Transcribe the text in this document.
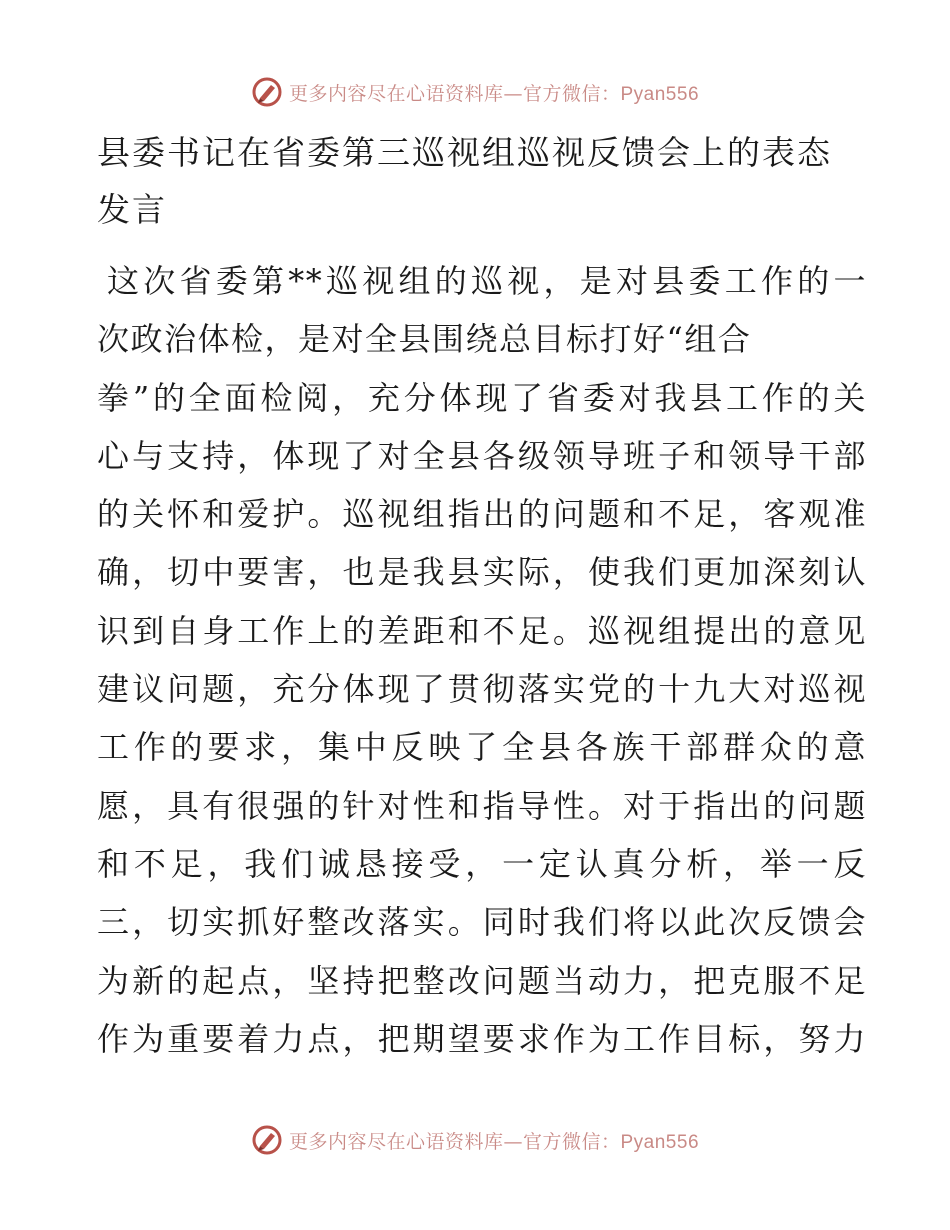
更多内容尽在心语资料库—官方微信：Pyan556
县委书记在省委第三巡视组巡视反馈会上的表态
发言
这次省委第**巡视组的巡视，是对县委工作的一
次政治体检，是对全县围绕总目标打好“组合
拳”的全面检阅，充分体现了省委对我县工作的关
心与支持，体现了对全县各级领导班子和领导干部
的关怀和爱护。巡视组指出的问题和不足，客观准
确，切中要害，也是我县实际，使我们更加深刻认
识到自身工作上的差距和不足。巡视组提出的意见
建议问题，充分体现了贯彻落实党的十九大对巡视
工作的要求，集中反映了全县各族干部群众的意
愿，具有很强的针对性和指导性。对于指出的问题
和不足，我们诚恳接受，一定认真分析，举一反
三，切实抓好整改落实。同时我们将以此次反馈会
为新的起点，坚持把整改问题当动力，把克服不足
作为重要着力点，把期望要求作为工作目标，努力
更多内容尽在心语资料库—官方微信：Pyan556
